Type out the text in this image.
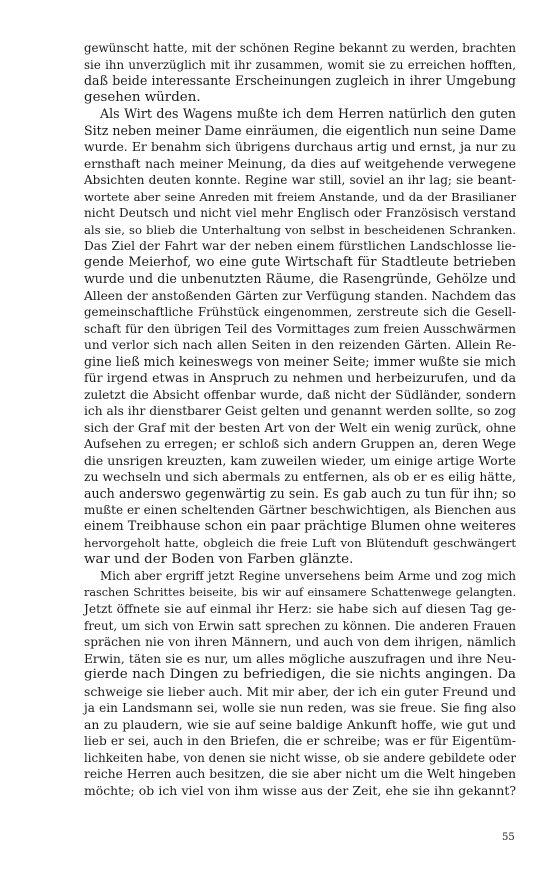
gewünscht hatte, mit der schönen Regine bekannt zu werden, brachten
sie ihn unverzüglich mit ihr zusammen, womit sie zu erreichen hofften,
daß beide interessante Erscheinungen zugleich in ihrer Umgebung
gesehen würden.
Als Wirt des Wagens mußte ich dem Herren natürlich den guten
Sitz neben meiner Dame einräumen, die eigentlich nun seine Dame
wurde. Er benahm sich übrigens durchaus artig und ernst, ja nur zu
ernsthaft nach meiner Meinung, da dies auf weitgehende verwegene
Absichten deuten konnte. Regine war still, soviel an ihr lag; sie beant-
wortete aber seine Anreden mit freiem Anstande, und da der Brasilianer
nicht Deutsch und nicht viel mehr Englisch oder Französisch verstand
als sie, so blieb die Unterhaltung von selbst in bescheidenen Schranken.
Das Ziel der Fahrt war der neben einem fürstlichen Landschlosse lie-
gende Meierhof, wo eine gute Wirtschaft für Stadtleute betrieben
wurde und die unbenutzten Räume, die Rasengründe, Gehölze und
Alleen der anstoßenden Gärten zur Verfügung standen. Nachdem das
gemeinschaftliche Frühstück eingenommen, zerstreute sich die Gesell-
schaft für den übrigen Teil des Vormittages zum freien Ausschwärmen
und verlor sich nach allen Seiten in den reizenden Gärten. Allein Re-
gine ließ mich keineswegs von meiner Seite; immer wußte sie mich
für irgend etwas in Anspruch zu nehmen und herbeizurufen, und da
zuletzt die Absicht offenbar wurde, daß nicht der Südländer, sondern
ich als ihr dienstbarer Geist gelten und genannt werden sollte, so zog
sich der Graf mit der besten Art von der Welt ein wenig zurück, ohne
Aufsehen zu erregen; er schloß sich andern Gruppen an, deren Wege
die unsrigen kreuzten, kam zuweilen wieder, um einige artige Worte
zu wechseln und sich abermals zu entfernen, als ob er es eilig hätte,
auch anderswo gegenwärtig zu sein. Es gab auch zu tun für ihn; so
mußte er einen scheltenden Gärtner beschwichtigen, als Bienchen aus
einem Treibhause schon ein paar prächtige Blumen ohne weiteres
hervorgeholt hatte, obgleich die freie Luft von Blütenduft geschwängert
war und der Boden von Farben glänzte.
Mich aber ergriff jetzt Regine unversehens beim Arme und zog mich
raschen Schrittes beiseite, bis wir auf einsamere Schattenwege gelangten.
Jetzt öffnete sie auf einmal ihr Herz: sie habe sich auf diesen Tag ge-
freut, um sich von Erwin satt sprechen zu können. Die anderen Frauen
sprächen nie von ihren Männern, und auch von dem ihrigen, nämlich
Erwin, täten sie es nur, um alles mögliche auszufragen und ihre Neu-
gierde nach Dingen zu befriedigen, die sie nichts angingen. Da
schweige sie lieber auch. Mit mir aber, der ich ein guter Freund und
ja ein Landsmann sei, wolle sie nun reden, was sie freue. Sie fing also
an zu plaudern, wie sie auf seine baldige Ankunft hoffe, wie gut und
lieb er sei, auch in den Briefen, die er schreibe; was er für Eigentüm-
lichkeiten habe, von denen sie nicht wisse, ob sie andere gebildete oder
reiche Herren auch besitzen, die sie aber nicht um die Welt hingeben
möchte; ob ich viel von ihm wisse aus der Zeit, ehe sie ihn gekannt?
55
